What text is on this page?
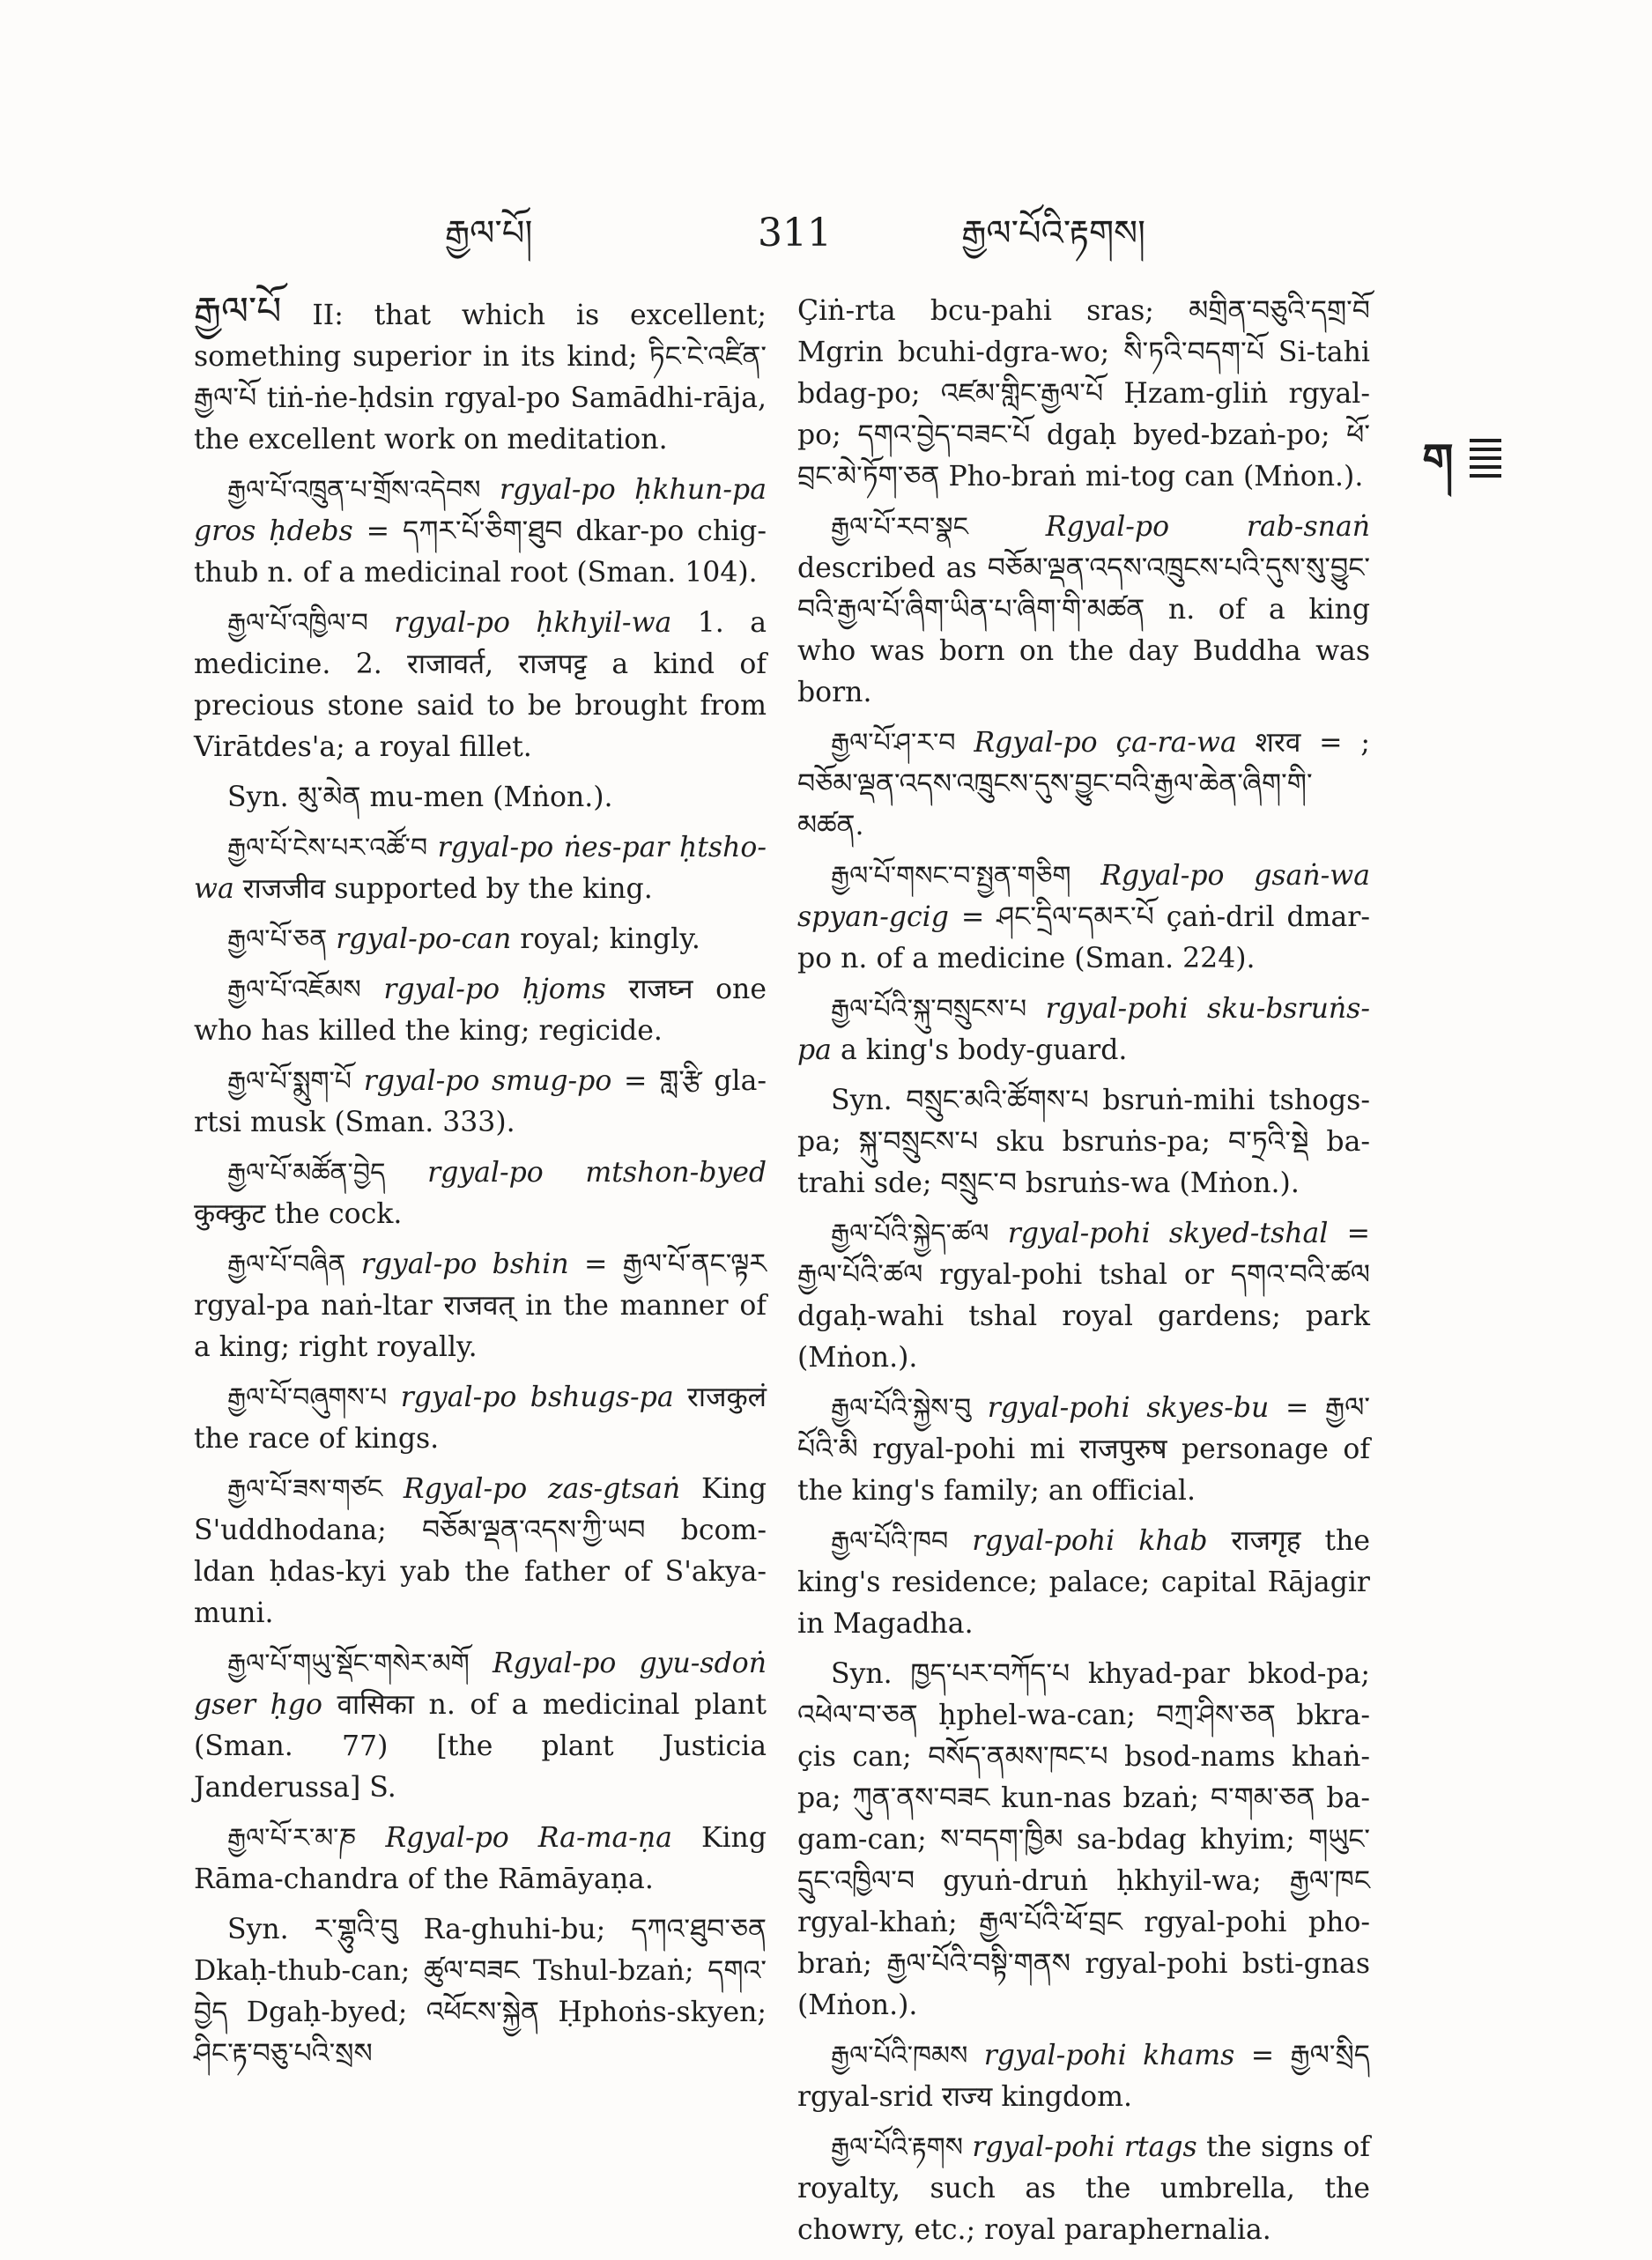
རྒྱལ་པོ།	311	རྒྱལ་པོའི་རྟགས།
ག

རྒྱལ་པོ II: that which is excellent; something superior in its kind; ཏིང་ངེ་འཛིན་རྒྱལ་པོ tiṅ-ṅe-ḥdsin rgyal-po Samādhi-rāja, the excellent work on meditation.

རྒྱལ་པོ་འཁྲུན་པ་གྲོས་འདེབས rgyal-po ḥkhun-pa gros ḥdebs = དཀར་པོ་ཅིག་ཐུབ dkar-po chig-thub n. of a medicinal root (Sman. 104).

རྒྱལ་པོ་འཁྱིལ་བ rgyal-po ḥkhyil-wa 1. a medicine. 2. राजावर्त, राजपट्ट a kind of precious stone said to be brought from Virātdes'a; a royal fillet.

Syn. མུ་མེན mu-men (Mṅon.).

རྒྱལ་པོ་ངེས་པར་འཚོ་བ rgyal-po ṅes-par ḥtsho-wa राजजीव supported by the king.

རྒྱལ་པོ་ཅན rgyal-po-can royal; kingly.

རྒྱལ་པོ་འཇོམས rgyal-po ḥjoms राजघ्न one who has killed the king; regicide.

རྒྱལ་པོ་སྨུག་པོ rgyal-po smug-po = གླ་རྩི gla-rtsi musk (Sman. 333).

རྒྱལ་པོ་མཚོན་བྱེད rgyal-po mtshon-byed कुक्कुट the cock.

རྒྱལ་པོ་བཞིན rgyal-po bshin = རྒྱལ་པོ་ནང་ལྟར rgyal-pa naṅ-ltar राजवत् in the manner of a king; right royally.

རྒྱལ་པོ་བཞུགས་པ rgyal-po bshugs-pa राजकुलं the race of kings.

རྒྱལ་པོ་ཟས་གཙང Rgyal-po zas-gtsaṅ King S'uddhodana; བཅོམ་ལྡན་འདས་ཀྱི་ཡབ bcom-ldan ḥdas-kyi yab the father of S'akya-muni.

རྒྱལ་པོ་གཡུ་སྡོང་གསེར་མགོ Rgyal-po gyu-sdoṅ gser ḥgo वासिका n. of a medicinal plant (Sman. 77) [the plant Justicia Janderussa] S.

རྒྱལ་པོ་ར་མ་ཎ Rgyal-po Ra-ma-ṇa King Rāma-chandra of the Rāmāyaṇa.

Syn. ར་གྷུའི་བུ Ra-ghuhi-bu; དཀའ་ཐུབ་ཅན Dkaḥ-thub-can; ཚུལ་བཟང Tshul-bzaṅ; དགའ་བྱེད Dgaḥ-byed; འཕོངས་སྐྱེན Ḥphoṅs-skyen; ཤིང་རྟ་བཅུ་པའི་སྲས

Çiṅ-rta bcu-pahi sras; མགྲིན་བཅུའི་དགྲ་བོ Mgrin bcuhi-dgra-wo; སི་ཏའི་བདག་པོ Si-tahi bdag-po; འཛམ་གླིང་རྒྱལ་པོ Ḥzam-gliṅ rgyal-po; དགའ་བྱེད་བཟང་པོ dgaḥ byed-bzaṅ-po; ཕོ་བྲང་མེ་ཏོག་ཅན Pho-braṅ mi-tog can (Mṅon.).

རྒྱལ་པོ་རབ་སྣང	Rgyal-po rab-snaṅ described as བཅོམ་ལྡན་འདས་འཁྲུངས་པའི་དུས་སུ་བྱུང་བའི་རྒྱལ་པོ་ཞིག་ཡིན་པ་ཞིག་གི་མཚན n. of a king who was born on the day Buddha was born.

རྒྱལ་པོ་ཤ་ར་བ Rgyal-po ça-ra-wa शरव = ; བཅོམ་ལྡན་འདས་འཁྲུངས་དུས་བྱུང་བའི་རྒྱལ་ཆེན་ཞིག་གི་མཚན.

རྒྱལ་པོ་གསང་བ་སྤྱན་གཅིག Rgyal-po gsaṅ-wa spyan-gcig = ཤང་དྲིལ་དམར་པོ çaṅ-dril dmar-po n. of a medicine (Sman. 224).

རྒྱལ་པོའི་སྐུ་བསྲུངས་པ rgyal-pohi sku-bsruṅs-pa a king's body-guard.

Syn. བསྲུང་མའི་ཚོགས་པ bsruṅ-mihi tshogs-pa; སྐུ་བསྲུངས་པ sku bsruṅs-pa; བ་ཏྲའི་སྡེ ba-trahi sde; བསྲུང་བ bsruṅs-wa (Mṅon.).

རྒྱལ་པོའི་སྐྱེད་ཚལ rgyal-pohi skyed-tshal = རྒྱལ་པོའི་ཚལ rgyal-pohi tshal or དགའ་བའི་ཚལ dgaḥ-wahi tshal royal gardens; park (Mṅon.).

རྒྱལ་པོའི་སྐྱེས་བུ rgyal-pohi skyes-bu = རྒྱལ་པོའི་མི rgyal-pohi mi राजपुरुष personage of the king's family; an official.

རྒྱལ་པོའི་ཁབ rgyal-pohi khab राजगृह the king's residence; palace; capital Rājagir in Magadha.

Syn. ཁྱད་པར་བཀོད་པ khyad-par bkod-pa; འཕེལ་བ་ཅན ḥphel-wa-can; བཀྲ་ཤིས་ཅན bkra-çis can; བསོད་ནམས་ཁང་པ bsod-nams khaṅ-pa; ཀུན་ནས་བཟང kun-nas bzaṅ; བ་གམ་ཅན ba-gam-can; ས་བདག་ཁྱིམ sa-bdag khyim; གཡུང་དྲུང་འཁྱིལ་བ gyuṅ-druṅ ḥkhyil-wa; རྒྱལ་ཁང rgyal-khaṅ; རྒྱལ་པོའི་ཕོ་བྲང rgyal-pohi pho-braṅ; རྒྱལ་པོའི་བསྟི་གནས rgyal-pohi bsti-gnas (Mṅon.).

རྒྱལ་པོའི་ཁམས rgyal-pohi khams = རྒྱལ་སྲིད rgyal-srid राज्य kingdom.

རྒྱལ་པོའི་རྟགས rgyal-pohi rtags the signs of royalty, such as the umbrella, the chowry, etc.; royal paraphernalia.
